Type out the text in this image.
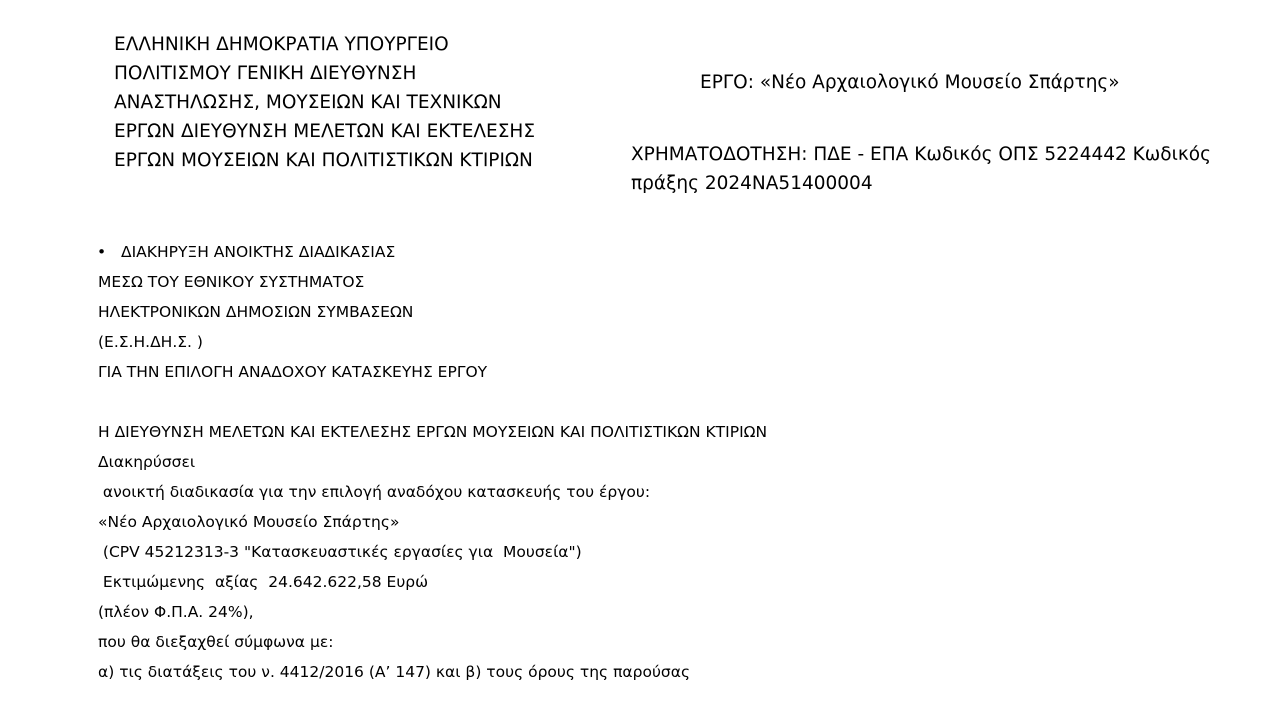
ΕΛΛΗΝΙΚΗ ΔΗΜΟΚΡΑΤΙΑ ΥΠΟΥΡΓΕΙΟ
ΠΟΛΙΤΙΣΜΟΥ ΓΕΝΙΚΗ ΔΙΕΥΘΥΝΣΗ
ΑΝΑΣΤΗΛΩΣΗΣ, ΜΟΥΣΕΙΩΝ ΚΑΙ ΤΕΧΝΙΚΩΝ
ΕΡΓΩΝ ΔΙΕΥΘΥΝΣΗ ΜΕΛΕΤΩΝ ΚΑΙ ΕΚΤΕΛΕΣΗΣ
ΕΡΓΩΝ ΜΟΥΣΕΙΩΝ ΚΑΙ ΠΟΛΙΤΙΣΤΙΚΩΝ ΚΤΙΡΙΩΝ
ΕΡΓΟ: «Νέο Αρχαιολογικό Μουσείο Σπάρτης»
ΧΡΗΜΑΤΟΔΟΤΗΣΗ: ΠΔΕ - ΕΠΑ Κωδικός ΟΠΣ 5224442 Κωδικός
πράξης 2024ΝΑ51400004

•

ΔΙΑΚΗΡΥΞΗ ΑΝΟΙΚΤΗΣ ΔΙΑΔΙΚΑΣΙΑΣ

ΜΕΣΩ ΤΟΥ ΕΘΝΙΚΟΥ ΣΥΣΤΗΜΑΤΟΣ
ΗΛΕΚΤΡΟΝΙΚΩΝ ΔΗΜΟΣΙΩΝ ΣΥΜΒΑΣΕΩΝ
(Ε.Σ.Η.ΔΗ.Σ. )
ΓΙΑ ΤΗΝ ΕΠΙΛΟΓΗ ΑΝΑΔΟΧΟΥ ΚΑΤΑΣΚΕΥΗΣ ΕΡΓΟΥ
Η ΔΙΕΥΘΥΝΣΗ ΜΕΛΕΤΩΝ ΚΑΙ ΕΚΤΕΛΕΣΗΣ ΕΡΓΩΝ ΜΟΥΣΕΙΩΝ ΚΑΙ ΠΟΛΙΤΙΣΤΙΚΩΝ ΚΤΙΡΙΩΝ
Διακηρύσσει
ανοικτή διαδικασία για την επιλογή αναδόχου κατασκευής του έργου:
«Νέο Αρχαιολογικό Μουσείο Σπάρτης»
(CPV 45212313-3 "Κατασκευαστικές εργασίες για  Μουσεία")
Εκτιμώμενης  αξίας  24.642.622,58 Ευρώ
(πλέον Φ.Π.Α. 24%),
που θα διεξαχθεί σύμφωνα με:
α) τις διατάξεις του ν. 4412/2016 (Α’ 147) και β) τους όρους της παρούσας
